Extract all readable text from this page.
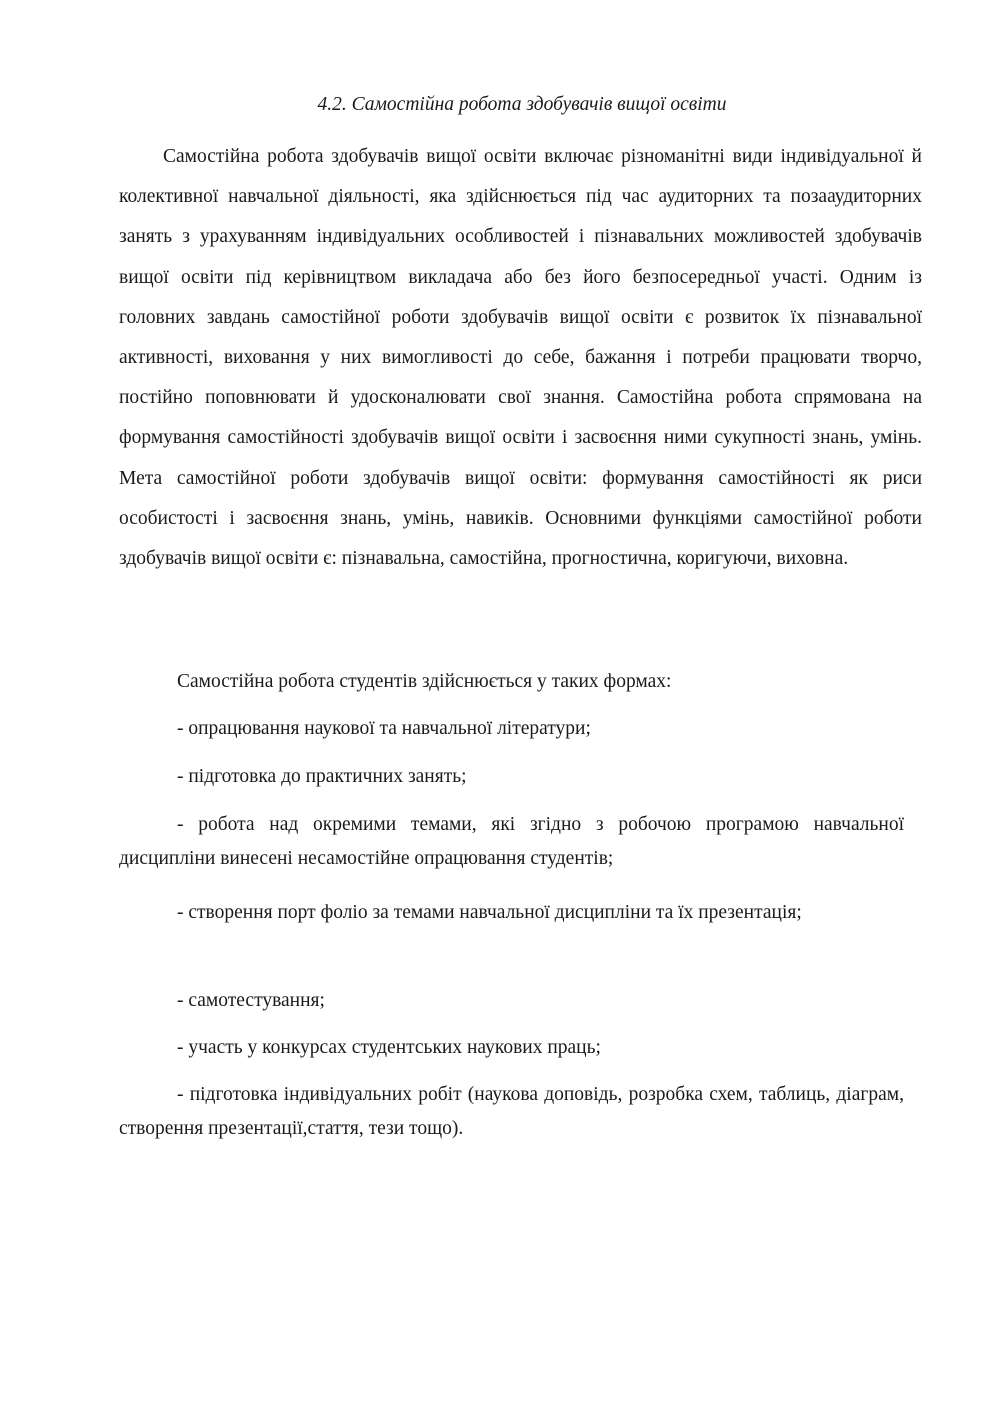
4.2. Самостійна робота здобувачів вищої освіти

Самостійна робота здобувачів вищої освіти включає різноманітні види індивідуальної й колективної навчальної діяльності, яка здійснюється під час аудиторних та позааудиторних занять з урахуванням індивідуальних особливостей і пізнавальних можливостей здобувачів вищої освіти під керівництвом викладача або без його безпосередньої участі. Одним із головних завдань самостійної роботи здобувачів вищої освіти є розвиток їх пізнавальної активності, виховання у них вимогливості до себе, бажання і потреби працювати творчо, постійно поповнювати й удосконалювати свої знання. Самостійна робота спрямована на формування самостійності здобувачів вищої освіти і засвоєння ними сукупності знань, умінь. Мета самостійної роботи здобувачів вищої освіти: формування самостійності як риси особистості і засвоєння знань, умінь, навиків. Основними функціями самостійної роботи здобувачів вищої освіти є: пізнавальна, самостійна, прогностична, коригуючи, виховна.

Самостійна робота студентів здійснюється у таких формах:

- опрацювання наукової та навчальної літератури;

- підготовка до практичних занять;

- робота над окремими темами, які згідно з робочою програмою навчальної дисципліни винесені несамостійне опрацювання студентів;

- створення порт фоліо за темами навчальної дисципліни та їх презентація;

- самотестування;

- участь у конкурсах студентських наукових праць;

- підготовка індивідуальних робіт (наукова доповідь, розробка схем, таблиць, діаграм, створення презентації,стаття, тези тощо).
